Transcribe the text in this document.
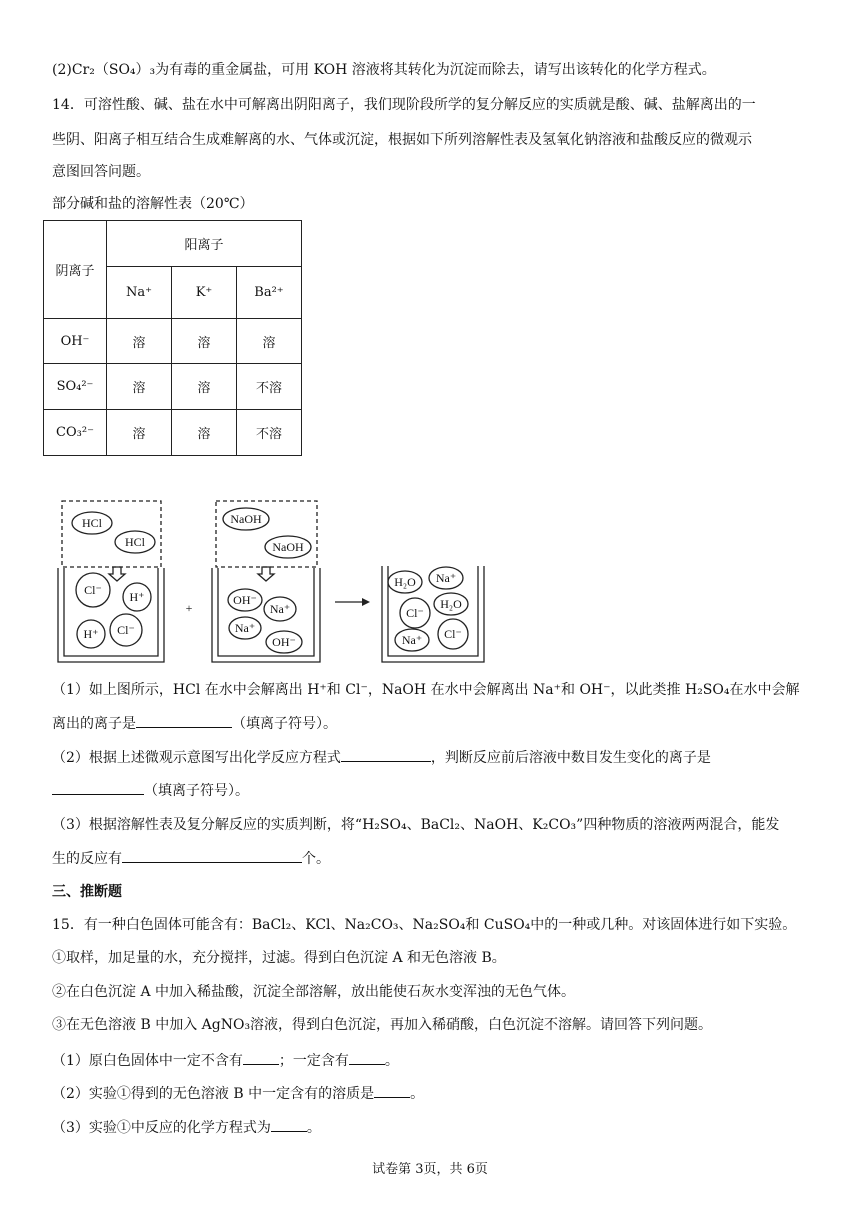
(2)Cr₂（SO₄）₃为有毒的重金属盐，可用 KOH 溶液将其转化为沉淀而除去，请写出该转化的化学方程式。
14．可溶性酸、碱、盐在水中可解离出阴阳离子，我们现阶段所学的复分解反应的实质就是酸、碱、盐解离出的一
些阴、阳离子相互结合生成难解离的水、气体或沉淀，根据如下所列溶解性表及氢氧化钠溶液和盐酸反应的微观示
意图回答问题。
部分碱和盐的溶解性表（20℃）
阴离子	阳离子		
	Na⁺	K⁺	Ba²⁺
OH⁻	溶	溶	溶
SO₄²⁻	溶	溶	不溶
CO₃²⁻	溶	溶	不溶
HCl
HCl
Cl⁻ H⁺
H⁺ Cl⁻
+
NaOH
NaOH
OH⁻
Na⁺
Na⁺
OH⁻
H₂O Na⁺
Cl⁻
H₂O
Na⁺ Cl⁻
（1）如上图所示，HCl 在水中会解离出 H⁺和 Cl⁻，NaOH 在水中会解离出 Na⁺和 OH⁻，以此类推 H₂SO₄在水中会解
离出的离子是	（填离子符号）。
（2）根据上述微观示意图写出化学反应方程式	，判断反应前后溶液中数目发生变化的离子是
（填离子符号）。
（3）根据溶解性表及复分解反应的实质判断，将“H₂SO₄、BaCl₂、NaOH、K₂CO₃”四种物质的溶液两两混合，能发
生的反应有	个。
三、推断题
15．有一种白色固体可能含有：BaCl₂、KCl、Na₂CO₃、Na₂SO₄和 CuSO₄中的一种或几种。对该固体进行如下实验。
①取样，加足量的水，充分搅拌，过滤。得到白色沉淀 A 和无色溶液 B。
②在白色沉淀 A 中加入稀盐酸，沉淀全部溶解，放出能使石灰水变浑浊的无色气体。
③在无色溶液 B 中加入 AgNO₃溶液，得到白色沉淀，再加入稀硝酸，白色沉淀不溶解。请回答下列问题。
（1）原白色固体中一定不含有	；一定含有	。
（2）实验①得到的无色溶液 B 中一定含有的溶质是	。
（3）实验①中反应的化学方程式为	。
试卷第 3页，共 6页
